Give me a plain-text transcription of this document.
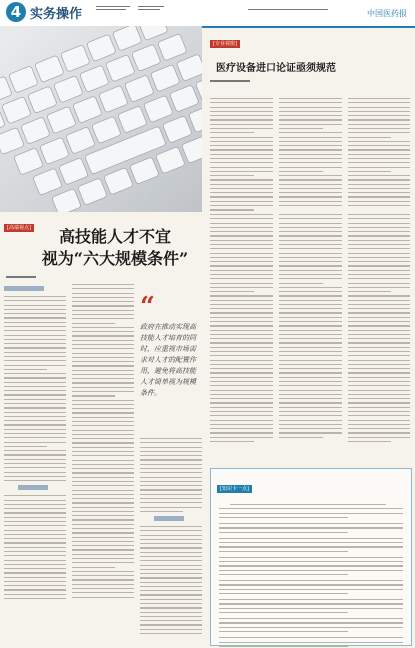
4 实务操作	中国医药报
[专业视窗]
医疗设备进口论证亟须规范
[高端视点]	高技能人才不宜
视为“六大规模条件”
“
政府在推动实现高技能人才培育的同时，应重视市场需求对人才的配置作用，避免将高技能人才简单视为规模条件。
[知识卡一点]
